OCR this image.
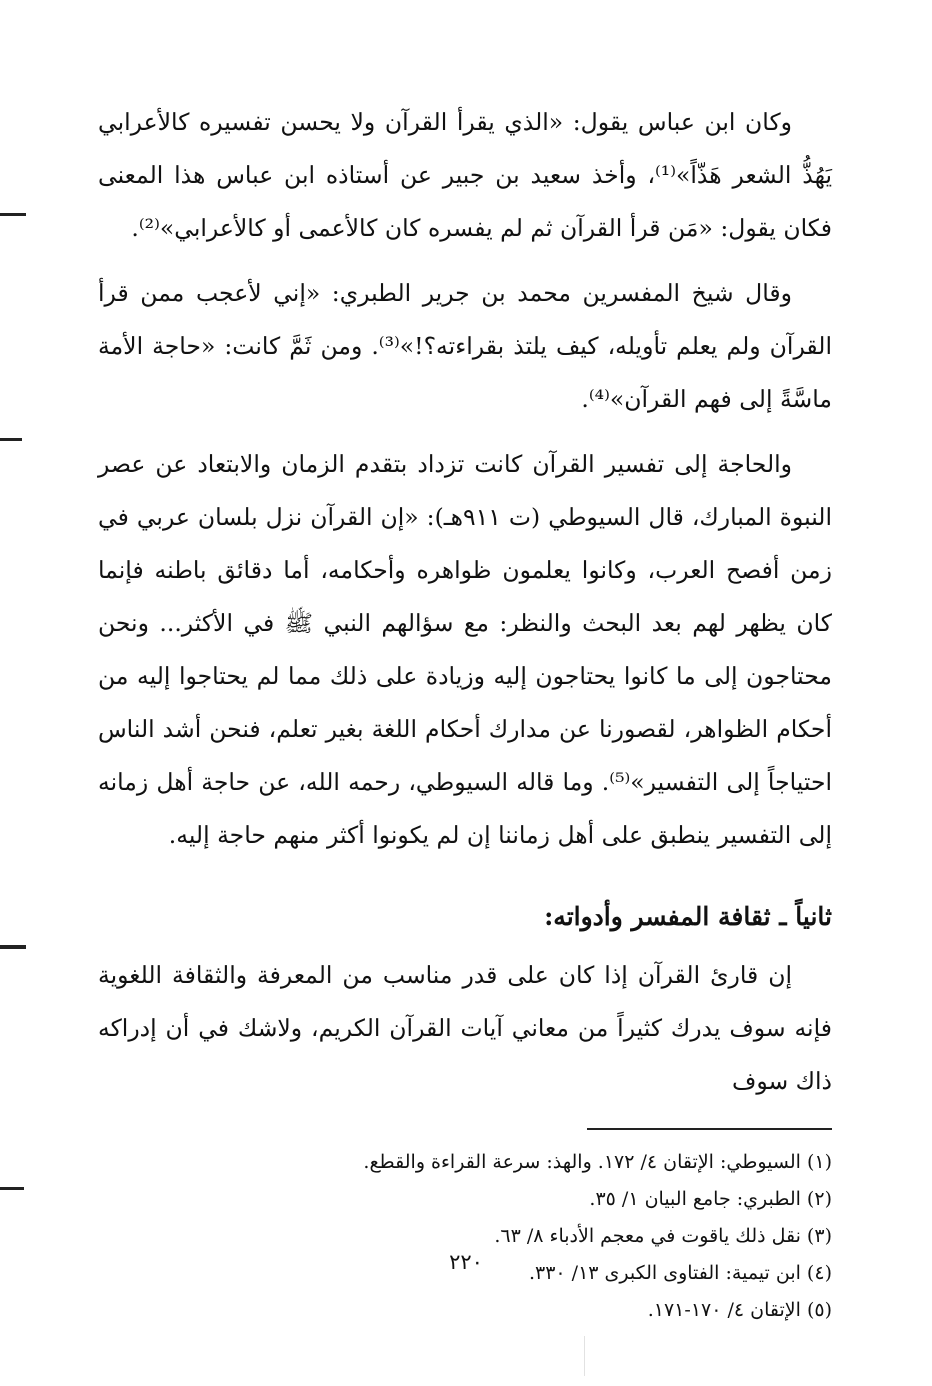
وكان ابن عباس يقول: «الذي يقرأ القرآن ولا يحسن تفسيره كالأعرابي يَهُذُّ الشعر هَذّاً»⁽¹⁾، وأخذ سعيد بن جبير عن أستاذه ابن عباس هذا المعنى فكان يقول: «مَن قرأ القرآن ثم لم يفسره كان كالأعمى أو كالأعرابي»⁽²⁾.

وقال شيخ المفسرين محمد بن جرير الطبري: «إني لأعجب ممن قرأ القرآن ولم يعلم تأويله، كيف يلتذ بقراءته؟!»⁽³⁾. ومن ثَمَّ كانت: «حاجة الأمة ماسَّةً إلى فهم القرآن»⁽⁴⁾.

والحاجة إلى تفسير القرآن كانت تزداد بتقدم الزمان والابتعاد عن عصر النبوة المبارك، قال السيوطي (ت ٩١١هـ): «إن القرآن نزل بلسان عربي في زمن أفصح العرب، وكانوا يعلمون ظواهره وأحكامه، أما دقائق باطنه فإنما كان يظهر لهم بعد البحث والنظر: مع سؤالهم النبي ﷺ في الأكثر... ونحن محتاجون إلى ما كانوا يحتاجون إليه وزيادة على ذلك مما لم يحتاجوا إليه من أحكام الظواهر، لقصورنا عن مدارك أحكام اللغة بغير تعلم، فنحن أشد الناس احتياجاً إلى التفسير»⁽⁵⁾. وما قاله السيوطي، رحمه الله، عن حاجة أهل زمانه إلى التفسير ينطبق على أهل زماننا إن لم يكونوا أكثر منهم حاجة إليه.

ثانياً ـ ثقافة المفسر وأدواته:

إن قارئ القرآن إذا كان على قدر مناسب من المعرفة والثقافة اللغوية فإنه سوف يدرك كثيراً من معاني آيات القرآن الكريم، ولاشك في أن إدراكه ذاك سوف

(١) السيوطي: الإتقان ٤/ ١٧٢. والهذ: سرعة القراءة والقطع.

(٢) الطبري: جامع البيان ١/ ٣٥.

(٣) نقل ذلك ياقوت في معجم الأدباء ٨/ ٦٣.

(٤) ابن تيمية: الفتاوى الكبرى ١٣/ ٣٣٠.

(٥) الإتقان ٤/ ١٧٠-١٧١.

٢٢٠
